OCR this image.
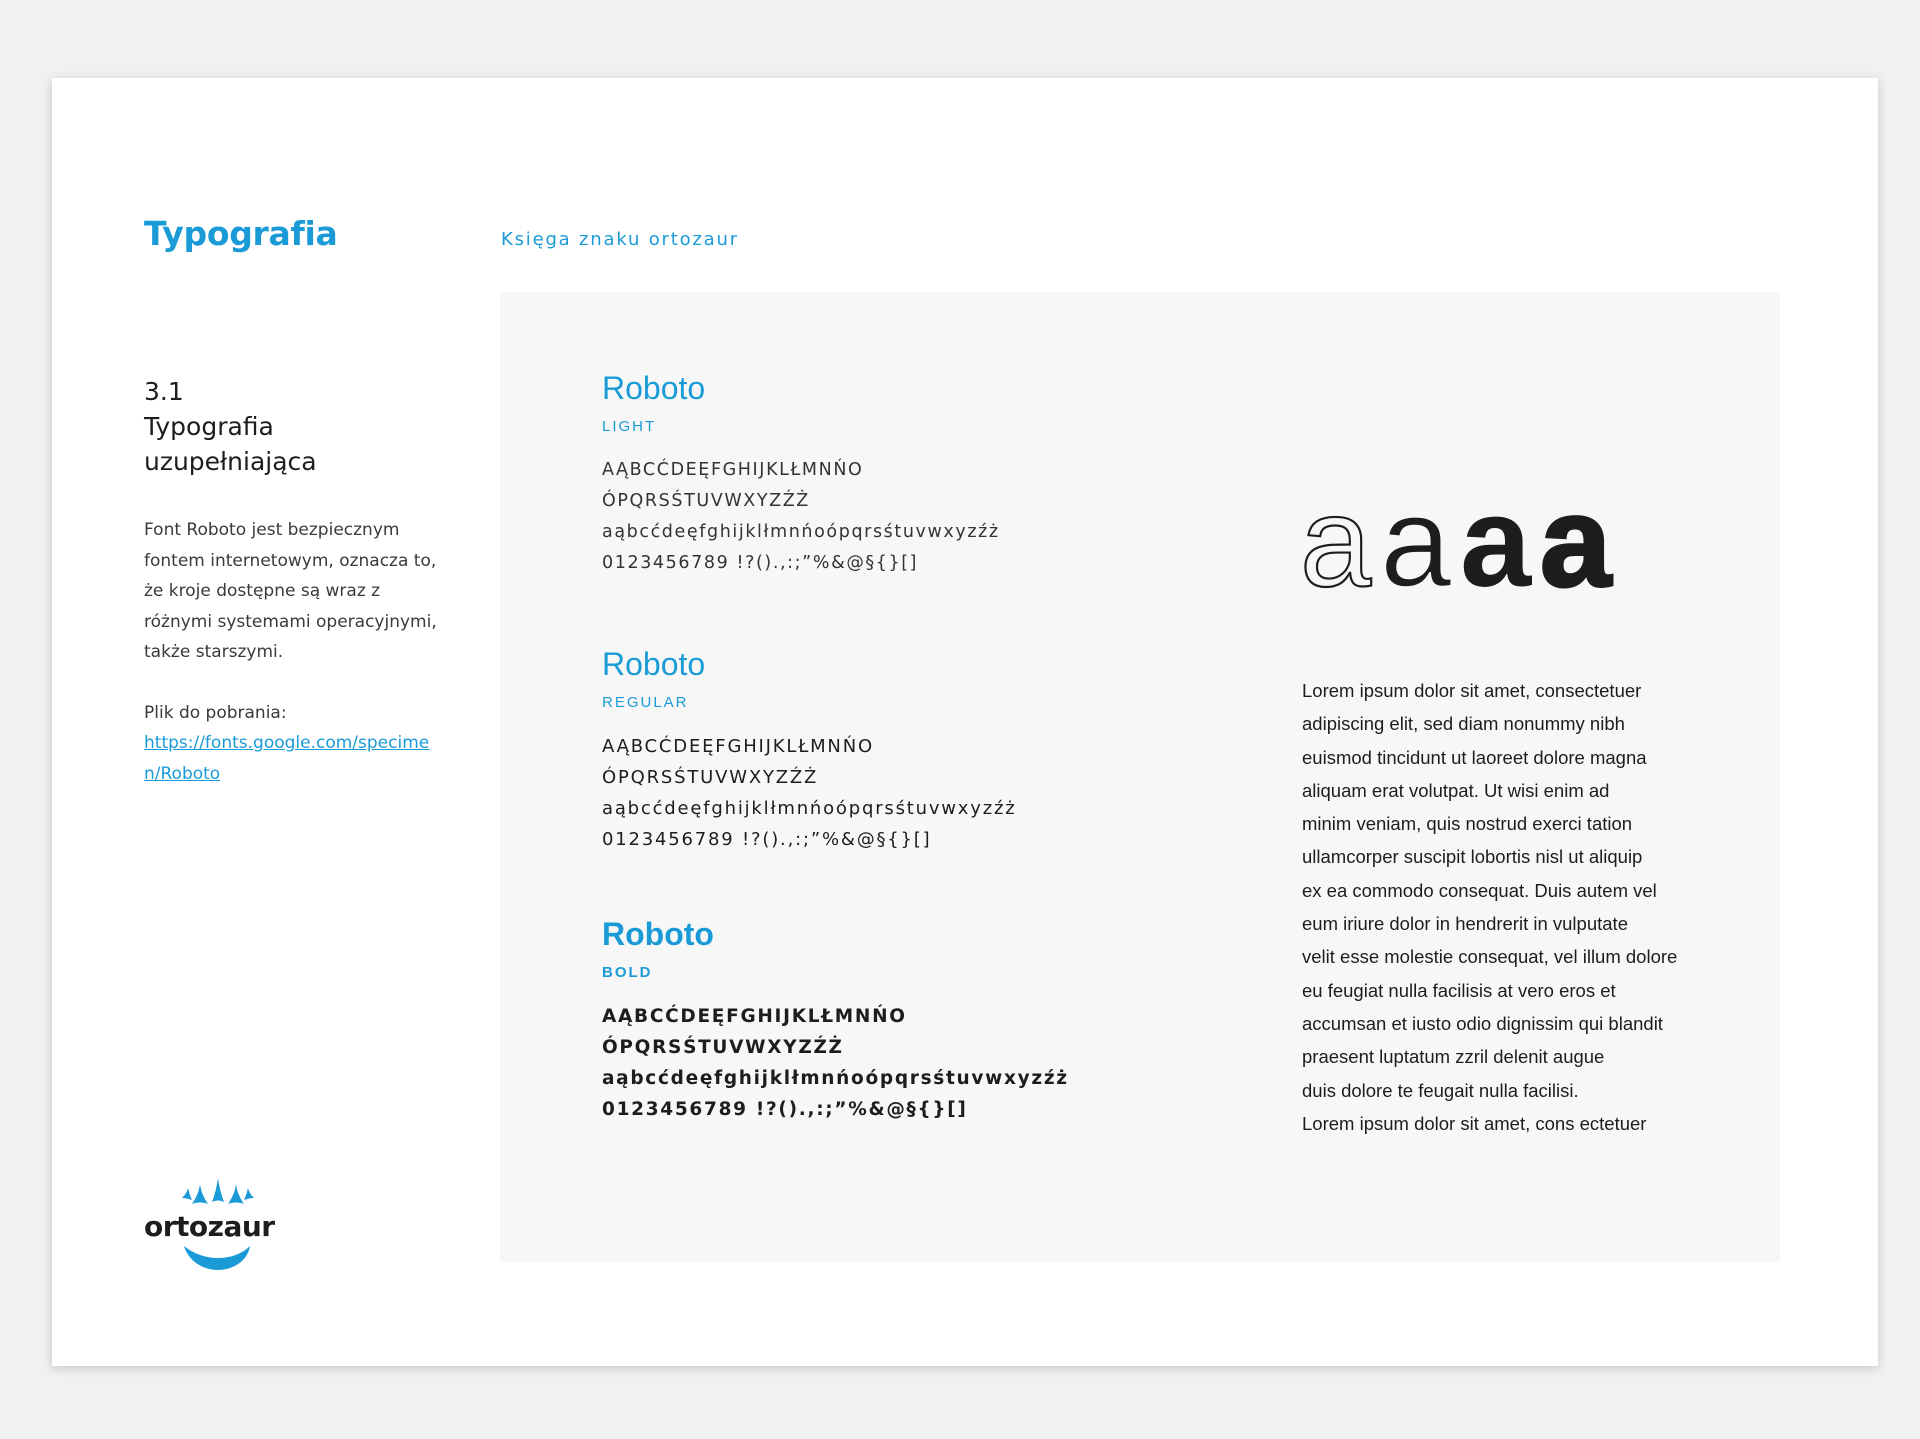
Typografia	Księga znaku ortozaur
3.1
Typografia uzupełniająca

Font Roboto jest bezpiecznym fontem internetowym, oznacza to, że kroje dostępne są wraz z różnymi systemami operacyjnymi, także starszymi.

Plik do pobrania:
https://fonts.google.com/specimen/Roboto
ortozaur
Roboto
LIGHT
AĄBCĆDEĘFGHIJKLŁMNŃO
ÓPQRSŚTUVWXYZŹŻ
aąbcćdeęfghijklłmnńoópqrsśtuvwxyzźż
0123456789 !?().,:;”%&@§{}[]
Roboto
REGULAR
AĄBCĆDEĘFGHIJKLŁMNŃO
ÓPQRSŚTUVWXYZŹŻ
aąbcćdeęfghijklłmnńoópqrsśtuvwxyzźż
0123456789 !?().,:;”%&@§{}[]
Roboto
BOLD
AĄBCĆDEĘFGHIJKLŁMNŃO
ÓPQRSŚTUVWXYZŹŻ
aąbcćdeęfghijklłmnńoópqrsśtuvwxyzźż
0123456789 !?().,:;”%&@§{}[]
a a a a

Lorem ipsum dolor sit amet, consectetuer
adipiscing elit, sed diam nonummy nibh
euismod tincidunt ut laoreet dolore magna
aliquam erat volutpat. Ut wisi enim ad
minim veniam, quis nostrud exerci tation
ullamcorper suscipit lobortis nisl ut aliquip
ex ea commodo consequat. Duis autem vel
eum iriure dolor in hendrerit in vulputate
velit esse molestie consequat, vel illum dolore
eu feugiat nulla facilisis at vero eros et
accumsan et iusto odio dignissim qui blandit
praesent luptatum zzril delenit augue
duis dolore te feugait nulla facilisi.
Lorem ipsum dolor sit amet, cons ectetuer
